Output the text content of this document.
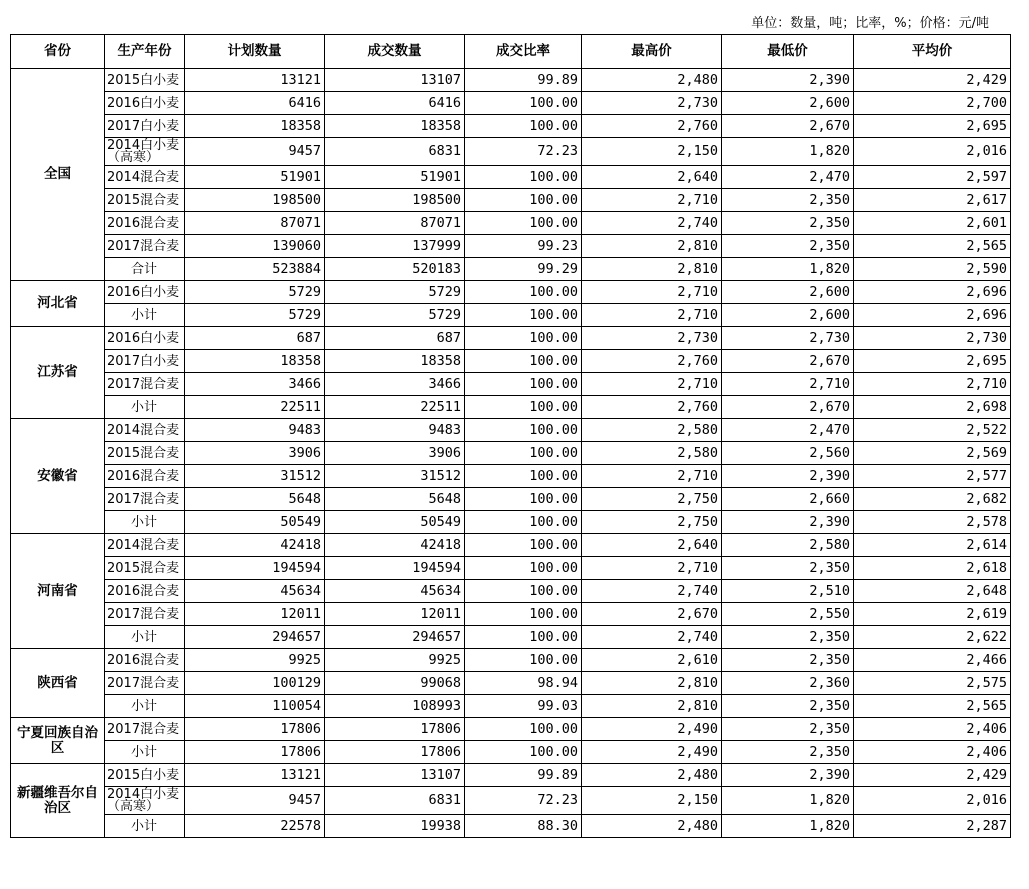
单位：数量，吨；比率，%；价格：元/吨
省份	生产年份	计划数量	成交数量	成交比率	最高价	最低价	平均价
全国	2015白小麦	13121	13107	99.89	2,480	2,390	2,429
	2016白小麦	6416	6416	100.00	2,730	2,600	2,700
	2017白小麦	18358	18358	100.00	2,760	2,670	2,695
	2014白小麦（高寒）	9457	6831	72.23	2,150	1,820	2,016
	2014混合麦	51901	51901	100.00	2,640	2,470	2,597
	2015混合麦	198500	198500	100.00	2,710	2,350	2,617
	2016混合麦	87071	87071	100.00	2,740	2,350	2,601
	2017混合麦	139060	137999	99.23	2,810	2,350	2,565
	合计	523884	520183	99.29	2,810	1,820	2,590
河北省	2016白小麦	5729	5729	100.00	2,710	2,600	2,696
	小计	5729	5729	100.00	2,710	2,600	2,696
江苏省	2016白小麦	687	687	100.00	2,730	2,730	2,730
	2017白小麦	18358	18358	100.00	2,760	2,670	2,695
	2017混合麦	3466	3466	100.00	2,710	2,710	2,710
	小计	22511	22511	100.00	2,760	2,670	2,698
安徽省	2014混合麦	9483	9483	100.00	2,580	2,470	2,522
	2015混合麦	3906	3906	100.00	2,580	2,560	2,569
	2016混合麦	31512	31512	100.00	2,710	2,390	2,577
	2017混合麦	5648	5648	100.00	2,750	2,660	2,682
	小计	50549	50549	100.00	2,750	2,390	2,578
河南省	2014混合麦	42418	42418	100.00	2,640	2,580	2,614
	2015混合麦	194594	194594	100.00	2,710	2,350	2,618
	2016混合麦	45634	45634	100.00	2,740	2,510	2,648
	2017混合麦	12011	12011	100.00	2,670	2,550	2,619
	小计	294657	294657	100.00	2,740	2,350	2,622
陕西省	2016混合麦	9925	9925	100.00	2,610	2,350	2,466
	2017混合麦	100129	99068	98.94	2,810	2,360	2,575
	小计	110054	108993	99.03	2,810	2,350	2,565
宁夏回族自治区	2017混合麦	17806	17806	100.00	2,490	2,350	2,406
	小计	17806	17806	100.00	2,490	2,350	2,406
新疆维吾尔自治区	2015白小麦	13121	13107	99.89	2,480	2,390	2,429
	2014白小麦（高寒）	9457	6831	72.23	2,150	1,820	2,016
	小计	22578	19938	88.30	2,480	1,820	2,287
